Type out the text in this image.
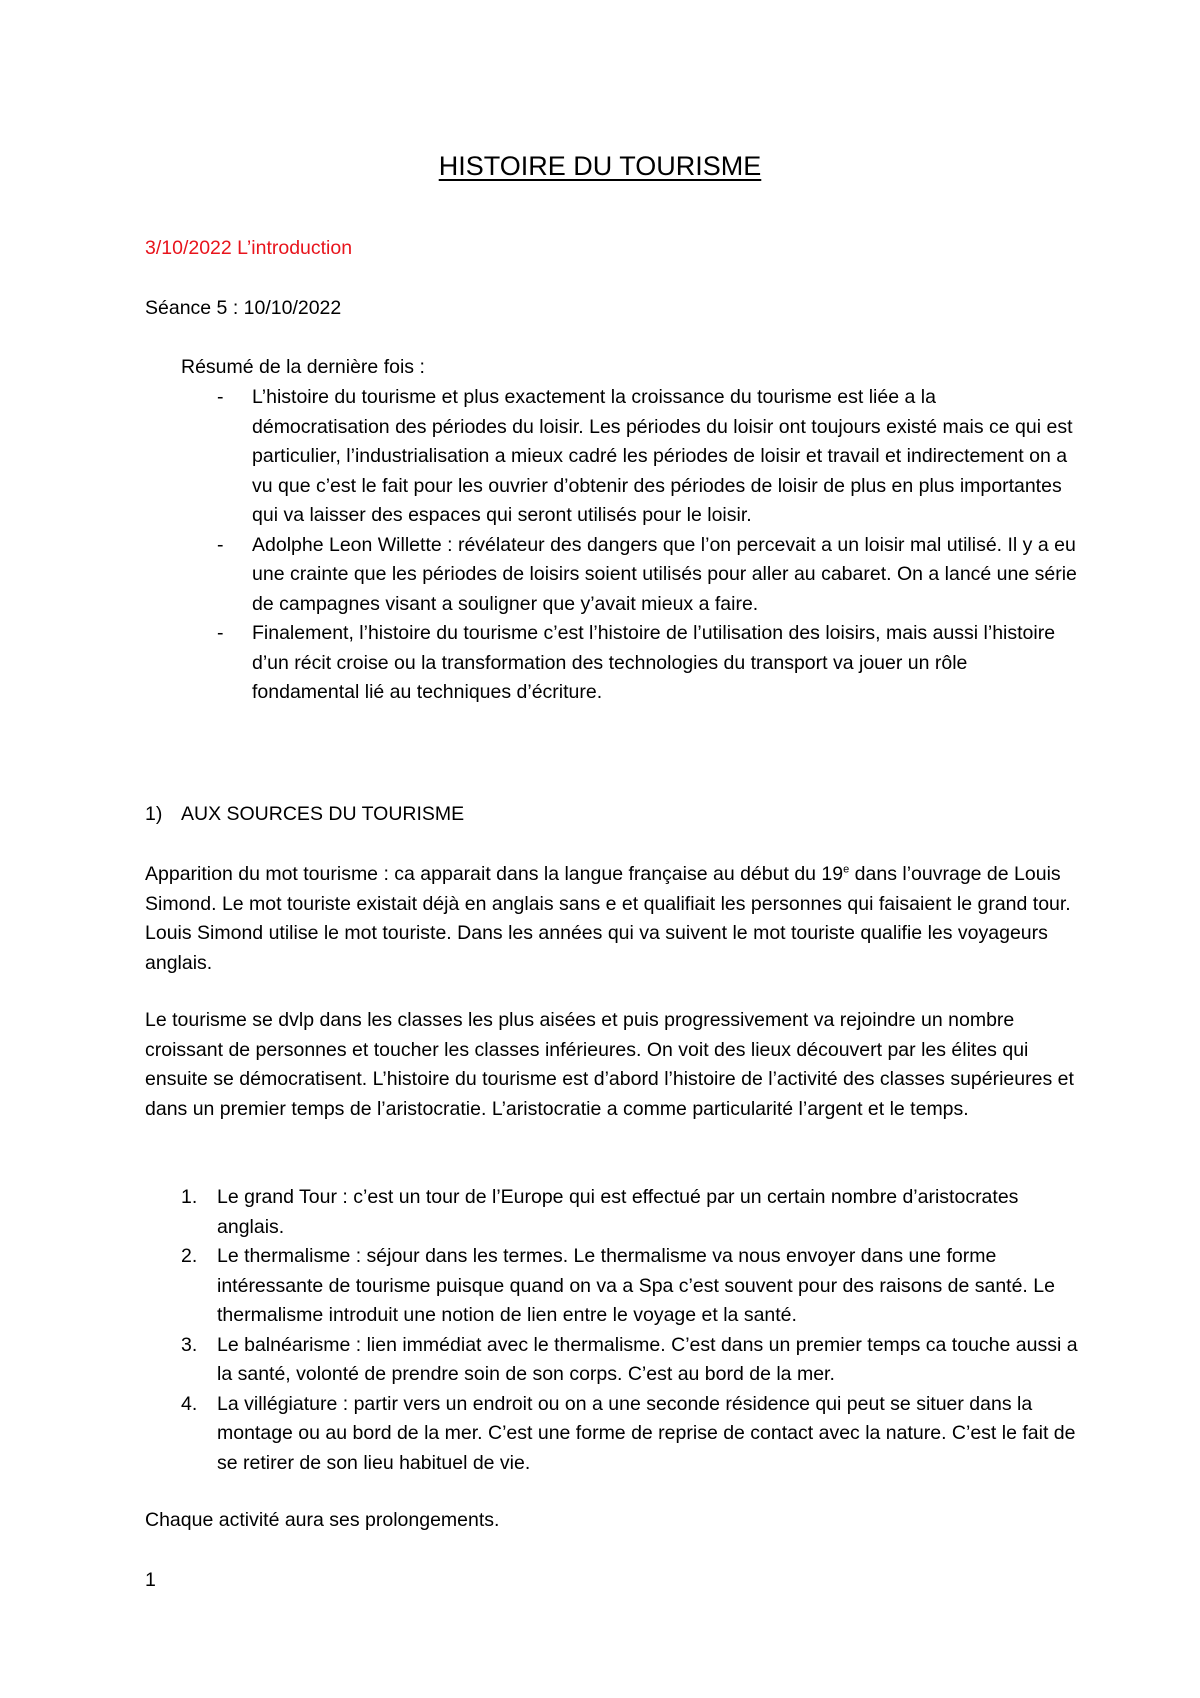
HISTOIRE DU TOURISME

3/10/2022 L’introduction

Séance 5 : 10/10/2022

Résumé de la dernière fois :

- L’histoire du tourisme et plus exactement la croissance du tourisme est liée a la démocratisation des périodes du loisir. Les périodes du loisir ont toujours existé mais ce qui est particulier, l’industrialisation a mieux cadré les périodes de loisir et travail et indirectement on a vu que c’est le fait pour les ouvrier d’obtenir des périodes de loisir de plus en plus importantes qui va laisser des espaces qui seront utilisés pour le loisir.
- Adolphe Leon Willette : révélateur des dangers que l’on percevait a un loisir mal utilisé. Il y a eu une crainte que les périodes de loisirs soient utilisés pour aller au cabaret. On a lancé une série de campagnes visant a souligner que y’avait mieux a faire.
- Finalement, l’histoire du tourisme c’est l’histoire de l’utilisation des loisirs, mais aussi l’histoire d’un récit croise ou la transformation des technologies du transport va jouer un rôle fondamental lié au techniques d’écriture.

1) AUX SOURCES DU TOURISME

Apparition du mot tourisme : ca apparait dans la langue française au début du 19e dans l’ouvrage de Louis Simond. Le mot touriste existait déjà en anglais sans e et qualifiait les personnes qui faisaient le grand tour. Louis Simond utilise le mot touriste. Dans les années qui va suivent le mot touriste qualifie les voyageurs anglais.

Le tourisme se dvlp dans les classes les plus aisées et puis progressivement va rejoindre un nombre croissant de personnes et toucher les classes inférieures. On voit des lieux découvert par les élites qui ensuite se démocratisent. L’histoire du tourisme est d’abord l’histoire de l’activité des classes supérieures et dans un premier temps de l’aristocratie. L’aristocratie a comme particularité l’argent et le temps.

1. Le grand Tour : c’est un tour de l’Europe qui est effectué par un certain nombre d’aristocrates anglais.
2. Le thermalisme : séjour dans les termes. Le thermalisme va nous envoyer dans une forme intéressante de tourisme puisque quand on va a Spa c’est souvent pour des raisons de santé. Le thermalisme introduit une notion de lien entre le voyage et la santé.
3. Le balnéarisme : lien immédiat avec le thermalisme. C’est dans un premier temps ca touche aussi a la santé, volonté de prendre soin de son corps. C’est au bord de la mer.
4. La villégiature : partir vers un endroit ou on a une seconde résidence qui peut se situer dans la montage ou au bord de la mer. C’est une forme de reprise de contact avec la nature. C’est le fait de se retirer de son lieu habituel de vie.

Chaque activité aura ses prolongements.

1
